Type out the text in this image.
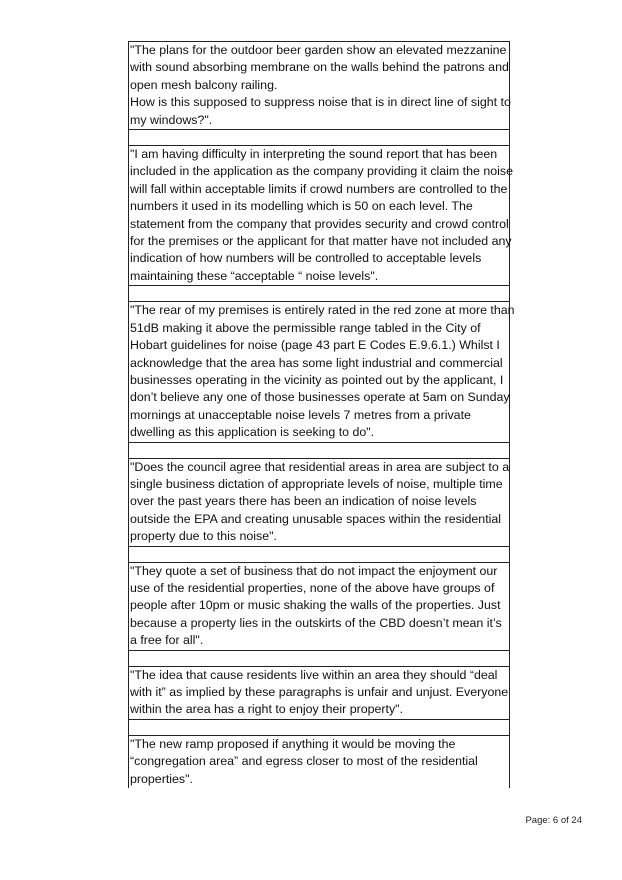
"The plans for the outdoor beer garden show an elevated mezzanine
with sound absorbing membrane on the walls behind the patrons and
open mesh balcony railing.
How is this supposed to suppress noise that is in direct line of sight to
my windows?".
"I am having difficulty in interpreting the sound report that has been
included in the application as the company providing it claim the noise
will fall within acceptable limits if crowd numbers are controlled to the
numbers it used in its modelling which is 50 on each level. The
statement from the company that provides security and crowd control
for the premises or the applicant for that matter have not included any
indication of how numbers will be controlled to acceptable levels
maintaining these “acceptable “ noise levels".
"The rear of my premises is entirely rated in the red zone at more than
51dB making it above the permissible range tabled in the City of
Hobart guidelines for noise (page 43 part E Codes E.9.6.1.) Whilst I
acknowledge that the area has some light industrial and commercial
businesses operating in the vicinity as pointed out by the applicant, I
don’t believe any one of those businesses operate at 5am on Sunday
mornings at unacceptable noise levels 7 metres from a private
dwelling as this application is seeking to do".
"Does the council agree that residential areas in area are subject to a
single business dictation of appropriate levels of noise, multiple time
over the past years there has been an indication of noise levels
outside the EPA and creating unusable spaces within the residential
property due to this noise".
"They quote a set of business that do not impact the enjoyment our
use of the residential properties, none of the above have groups of
people after 10pm or music shaking the walls of the properties. Just
because a property lies in the outskirts of the CBD doesn’t mean it’s
a free for all".
"The idea that cause residents live within an area they should “deal
with it” as implied by these paragraphs is unfair and unjust. Everyone
within the area has a right to enjoy their property".
"The new ramp proposed if anything it would be moving the
“congregation area” and egress closer to most of the residential
properties".
Page: 6 of 24
